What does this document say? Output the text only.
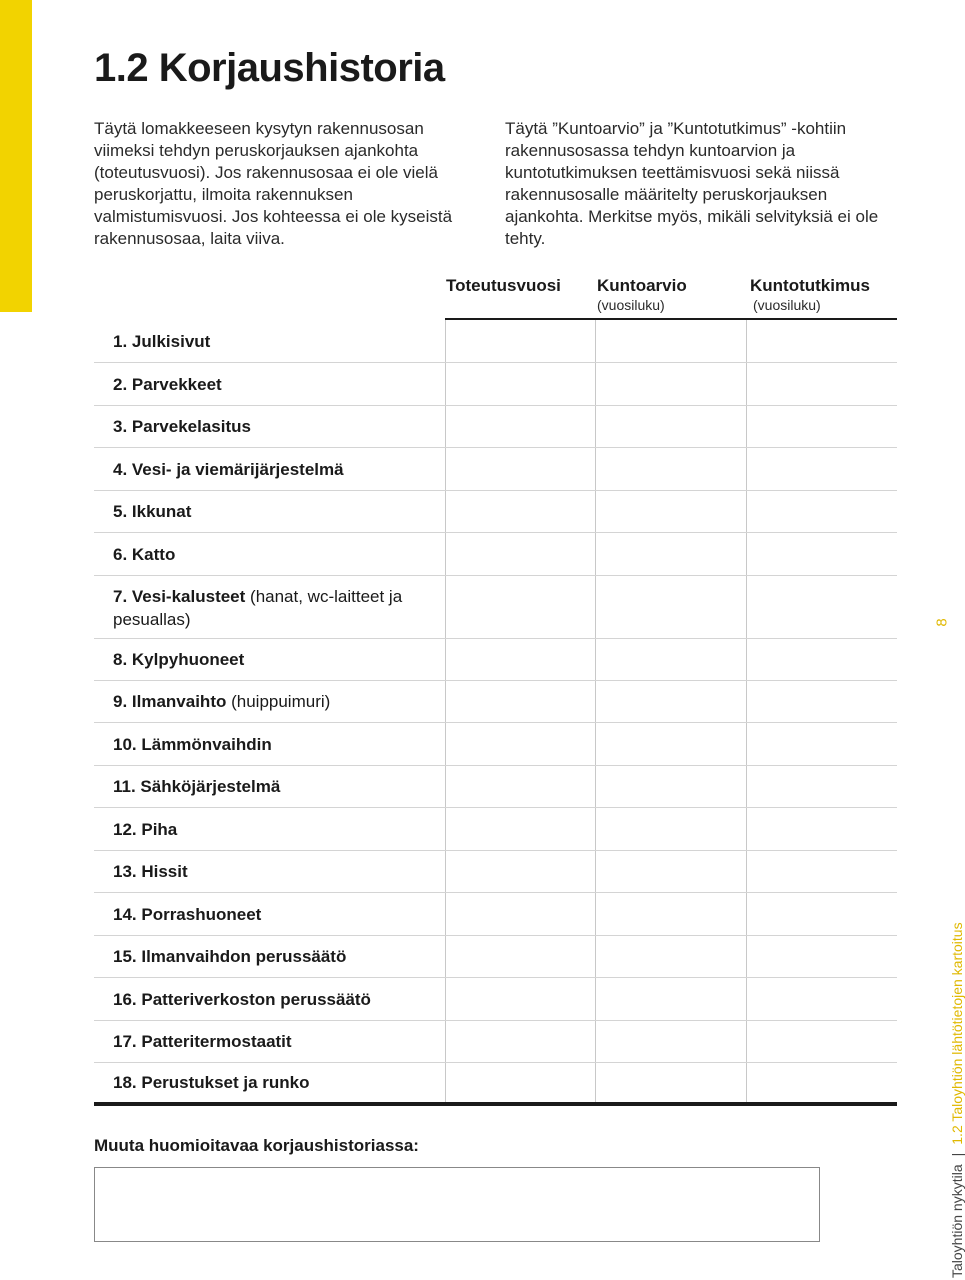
1.2 Korjaushistoria

Täytä lomakkeeseen kysytyn rakennusosan viimeksi tehdyn peruskorjauksen ajankohta (toteutusvuosi). Jos rakennusosaa ei ole vielä peruskorjattu, ilmoita rakennuksen valmistumisvuosi. Jos kohteessa ei ole kyseistä rakennusosaa, laita viiva.

Täytä ”Kuntoarvio” ja ”Kuntotutkimus” -kohtiin rakennusosassa tehdyn kuntoarvion ja kuntotutkimuksen teettämisvuosi sekä niissä rakennusosalle määritelty peruskorjauksen ajankohta. Merkitse myös, mikäli selvityksiä ei ole tehty.

Toteutusvuosi Kuntoarvio
(vuosiluku)
Kuntotutkimus
(vuosiluku)
1. Julkisivut
2. Parvekkeet
3. Parvekelasitus
4. Vesi- ja viemärijärjestelmä
5. Ikkunat
6. Katto
7. Vesi-kalusteet (hanat, wc-laitteet ja pesuallas)
8. Kylpyhuoneet
9. Ilmanvaihto (huippuimuri)
10. Lämmönvaihdin
11. Sähköjärjestelmä
12. Piha
13. Hissit
14. Porrashuoneet
15. Ilmanvaihdon perussäätö
16. Patteriverkoston perussäätö
17. Patteritermostaatit
18. Perustukset ja runko
Muuta huomioitavaa korjaushistoriassa:
8
Taloyhtiön nykytila|1.2 Taloyhtiön lähtötietojen kartoitus
